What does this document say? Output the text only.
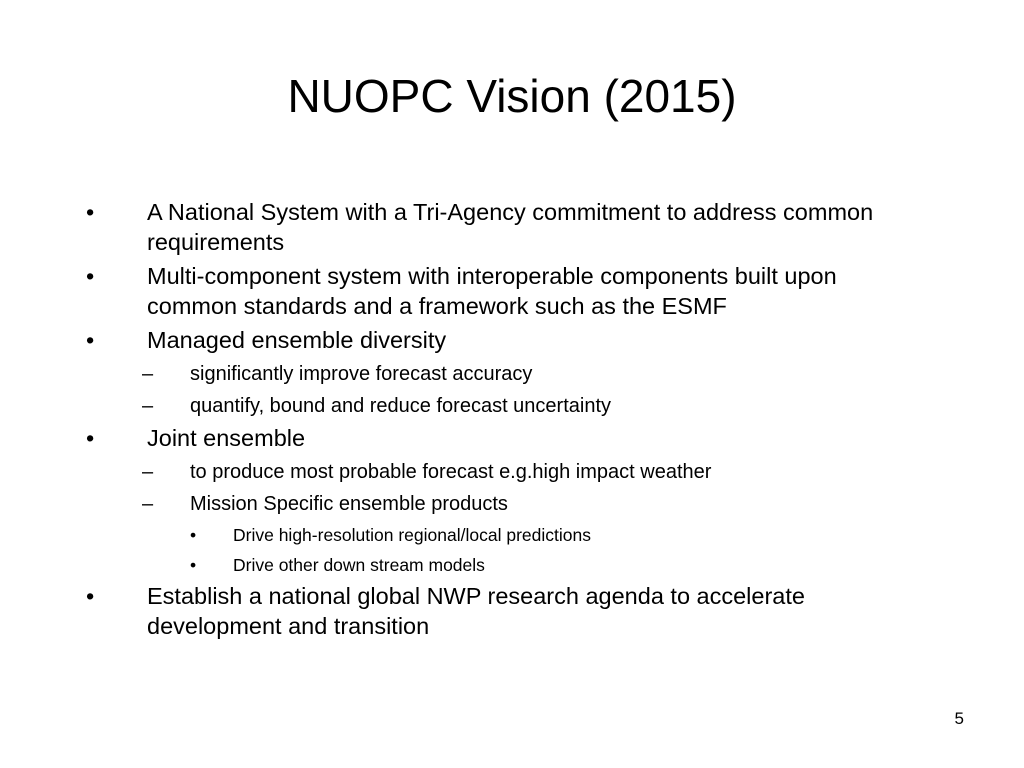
NUOPC Vision (2015)
• A National System with a Tri-Agency commitment to address common requirements
• Multi-component system with interoperable components built upon common standards and a framework such as the ESMF
• Managed ensemble diversity
– significantly improve forecast accuracy
– quantify, bound and reduce forecast uncertainty
• Joint ensemble
– to produce most probable forecast e.g.high impact weather
– Mission Specific ensemble products
• Drive high-resolution regional/local predictions
• Drive other down stream models
• Establish a national global NWP research agenda to accelerate development and transition
5
